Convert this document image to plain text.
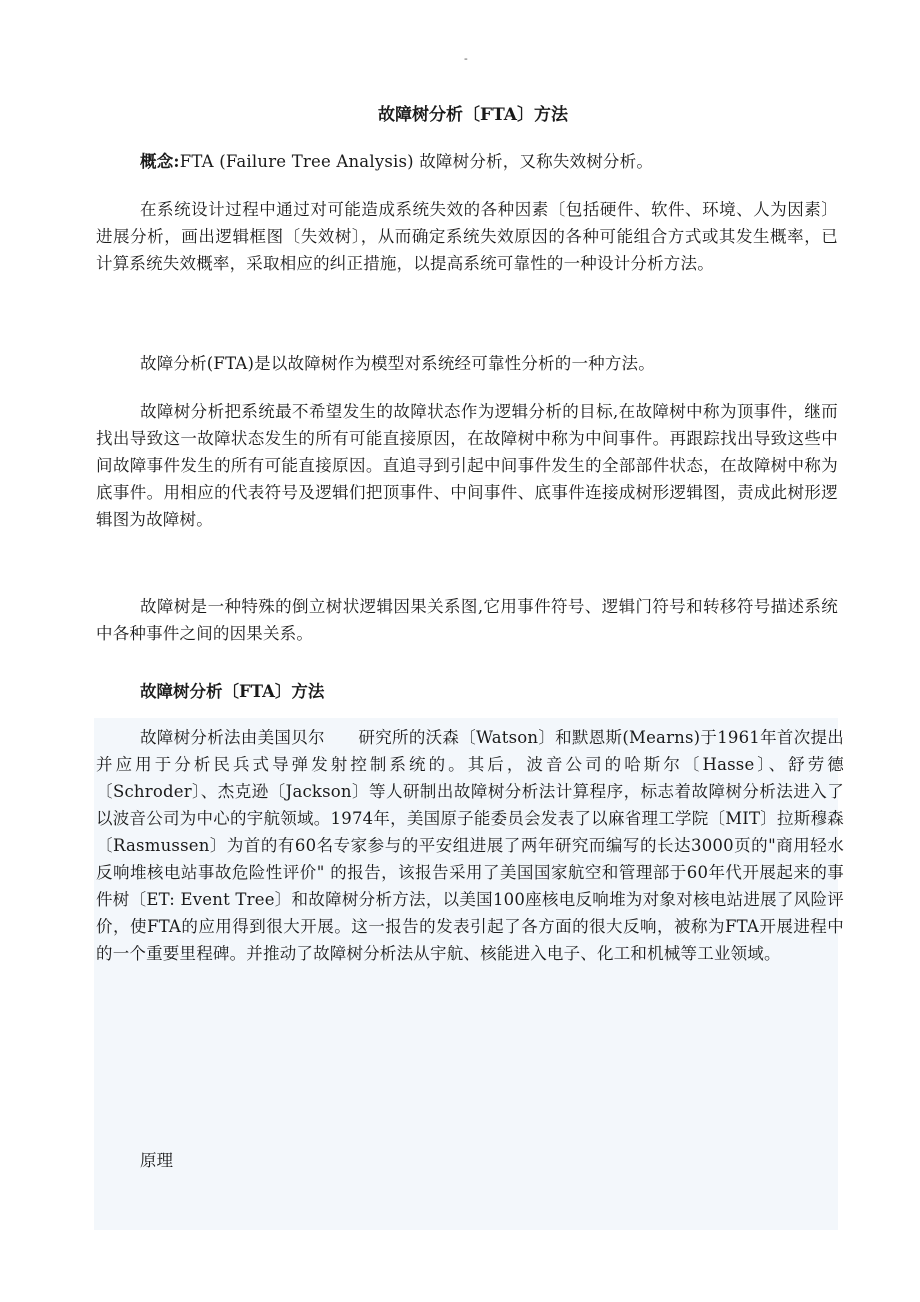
-
故障树分析〔FTA〕方法

概念:FTA (Failure Tree Analysis) 故障树分析，又称失效树分析。

在系统设计过程中通过对可能造成系统失效的各种因素〔包括硬件、软件、环境、人为因素〕进展分析，画出逻辑框图〔失效树〕，从而确定系统失效原因的各种可能组合方式或其发生概率，已计算系统失效概率，采取相应的纠正措施，以提高系统可靠性的一种设计分析方法。

故障分析(FTA)是以故障树作为模型对系统经可靠性分析的一种方法。

故障树分析把系统最不希望发生的故障状态作为逻辑分析的目标,在故障树中称为顶事件，继而找出导致这一故障状态发生的所有可能直接原因，在故障树中称为中间事件。再跟踪找出导致这些中间故障事件发生的所有可能直接原因。直追寻到引起中间事件发生的全部部件状态，在故障树中称为底事件。用相应的代表符号及逻辑们把顶事件、中间事件、底事件连接成树形逻辑图，责成此树形逻辑图为故障树。

故障树是一种特殊的倒立树状逻辑因果关系图,它用事件符号、逻辑门符号和转移符号描述系统中各种事件之间的因果关系。

故障树分析〔FTA〕方法

故障树分析法由美国贝尔　　研究所的沃森〔Watson〕和默恩斯(Mearns)于1961年首次提出并应用于分析民兵式导弹发射控制系统的。其后，波音公司的哈斯尔〔Hasse〕、舒劳德〔Schroder〕、杰克逊〔Jackson〕等人研制出故障树分析法计算程序，标志着故障树分析法进入了以波音公司为中心的宇航领域。1974年，美国原子能委员会发表了以麻省理工学院〔MIT〕拉斯穆森〔Rasmussen〕为首的有60名专家参与的平安组进展了两年研究而编写的长达3000页的"商用轻水反响堆核电站事故危险性评价" 的报告，该报告采用了美国国家航空和管理部于60年代开展起来的事件树〔ET: Event Tree〕和故障树分析方法，以美国100座核电反响堆为对象对核电站进展了风险评价，使FTA的应用得到很大开展。这一报告的发表引起了各方面的很大反响，被称为FTA开展进程中的一个重要里程碑。并推动了故障树分析法从宇航、核能进入电子、化工和机械等工业领域。

原理
